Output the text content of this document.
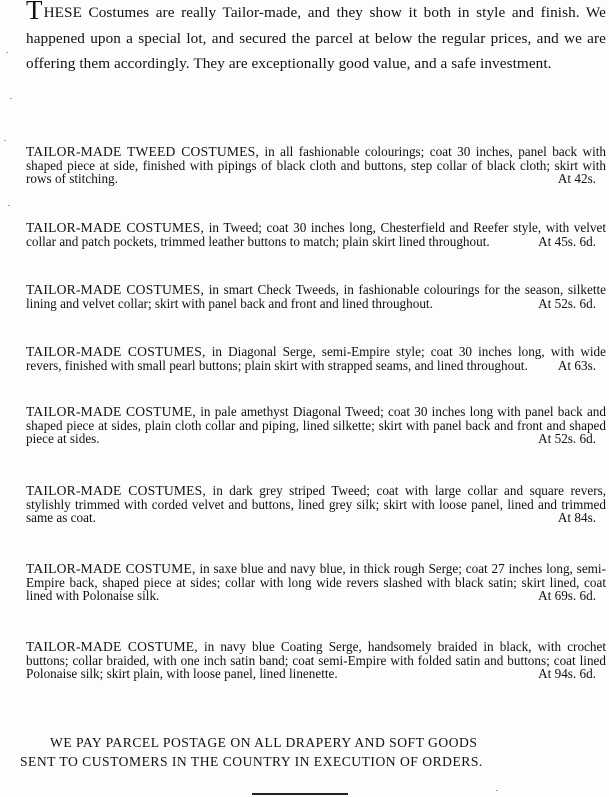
THESE Costumes are really Tailor-made, and they show it both in style and finish. We happened upon a special lot, and secured the parcel at below the regular prices, and we are offering them accordingly. They are exceptionally good value, and a safe investment.

TAILOR-MADE TWEED COSTUMES, in all fashionable colourings; coat 30 inches, panel back with shaped piece at side, finished with pipings of black cloth and buttons, step collar of black cloth; skirt with rows of stitching.	At 42s.

TAILOR-MADE COSTUMES, in Tweed; coat 30 inches long, Chesterfield and Reefer style, with velvet collar and patch pockets, trimmed leather buttons to match; plain skirt lined throughout.	At 45s. 6d.

TAILOR-MADE COSTUMES, in smart Check Tweeds, in fashionable colourings for the season, silkette lining and velvet collar; skirt with panel back and front and lined throughout.	At 52s. 6d.

TAILOR-MADE COSTUMES, in Diagonal Serge, semi-Empire style; coat 30 inches long, with wide revers, finished with small pearl buttons; plain skirt with strapped seams, and lined throughout. At 63s.

TAILOR-MADE COSTUME, in pale amethyst Diagonal Tweed; coat 30 inches long with panel back and shaped piece at sides, plain cloth collar and piping, lined silkette; skirt with panel back and front and shaped piece at sides.	At 52s. 6d.

TAILOR-MADE COSTUMES, in dark grey striped Tweed; coat with large collar and square revers, stylishly trimmed with corded velvet and buttons, lined grey silk; skirt with loose panel, lined and trimmed same as coat.	At 84s.

TAILOR-MADE COSTUME, in saxe blue and navy blue, in thick rough Serge; coat 27 inches long, semi-Empire back, shaped piece at sides; collar with long wide revers slashed with black satin; skirt lined, coat lined with Polonaise silk.	At 69s. 6d.

TAILOR-MADE COSTUME, in navy blue Coating Serge, handsomely braided in black, with crochet buttons; collar braided, with one inch satin band; coat semi-Empire with folded satin and buttons; coat lined Polonaise silk; skirt plain, with loose panel, lined linenette.	At 94s. 6d.

WE PAY PARCEL POSTAGE ON ALL DRAPERY AND SOFT GOODS
SENT TO CUSTOMERS IN THE COUNTRY IN EXECUTION OF ORDERS.
